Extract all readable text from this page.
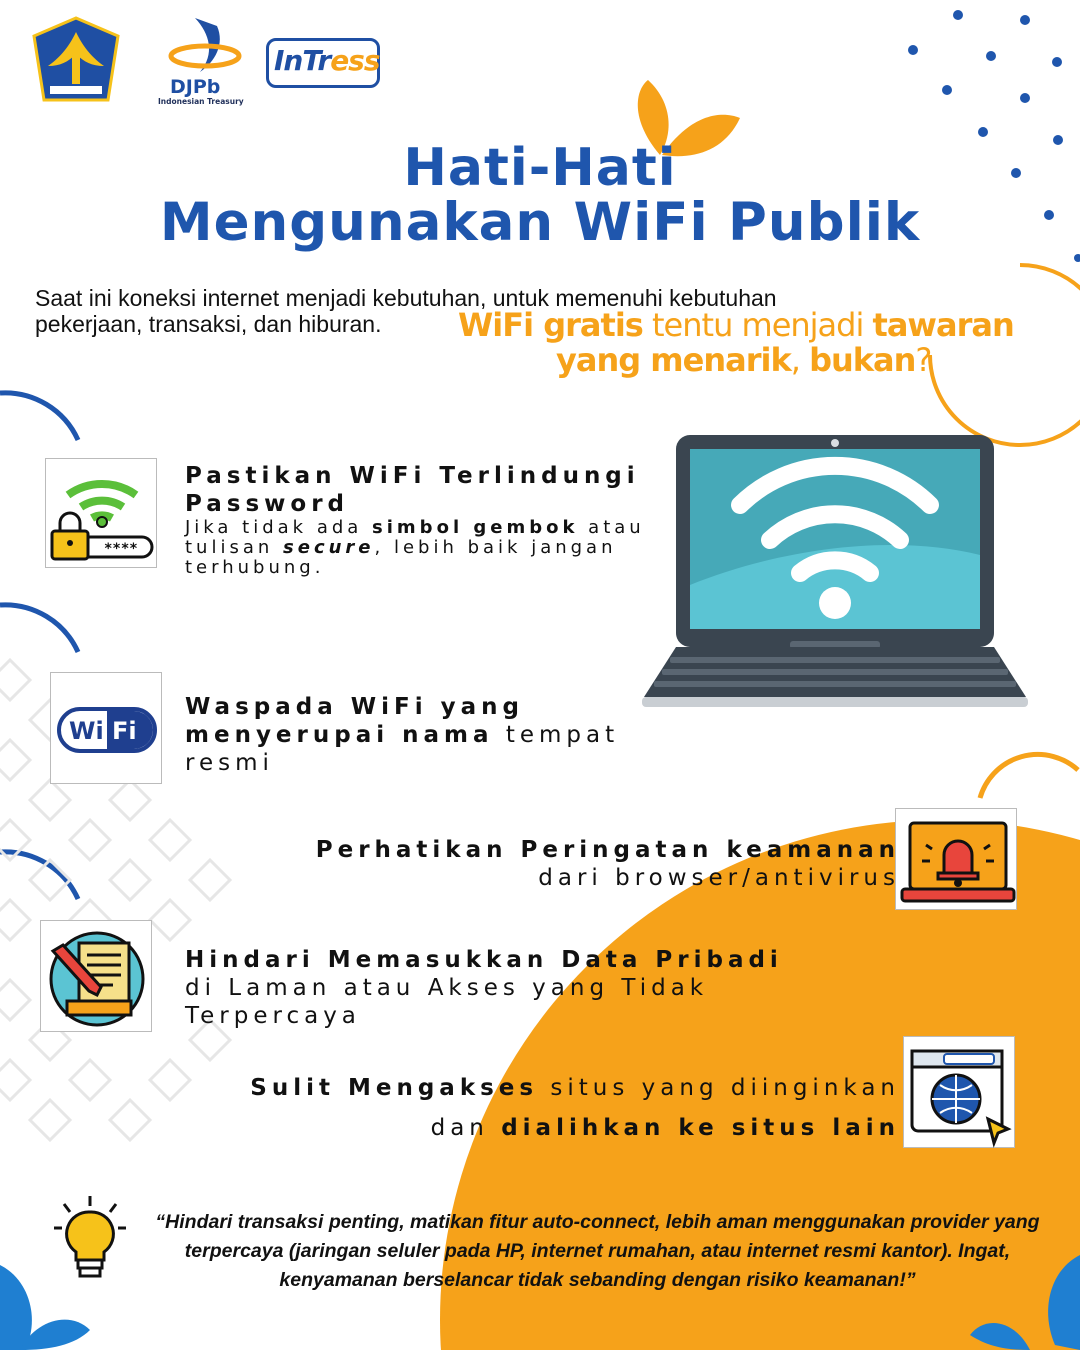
DJPb
Indonesian Treasury
InTress
Hati-Hati
Mengunakan WiFi Publik
Saat ini koneksi internet menjadi kebutuhan, untuk memenuhi kebutuhan
pekerjaan, transaksi, dan hiburan.	WiFi gratis tentu menjadi tawaran
yang menarik, bukan?
****
Pastikan WiFi Terlindungi Password
Jika tidak ada simbol gembok atau tulisan secure, lebih baik jangan terhubung.
Wi Fi
Waspada WiFi yang menyerupai nama tempat resmi
Perhatikan Peringatan keamanan
dari browser/antivirus
Hindari Memasukkan Data Pribadi
di Laman atau Akses yang Tidak Terpercaya
Sulit Mengakses situs yang diinginkan
dan dialihkan ke situs lain
“Hindari transaksi penting, matikan fitur auto-connect, lebih aman menggunakan provider yang terpercaya (jaringan seluler pada HP, internet rumahan, atau internet resmi kantor). Ingat, kenyamanan berselancar tidak sebanding dengan risiko keamanan!”
